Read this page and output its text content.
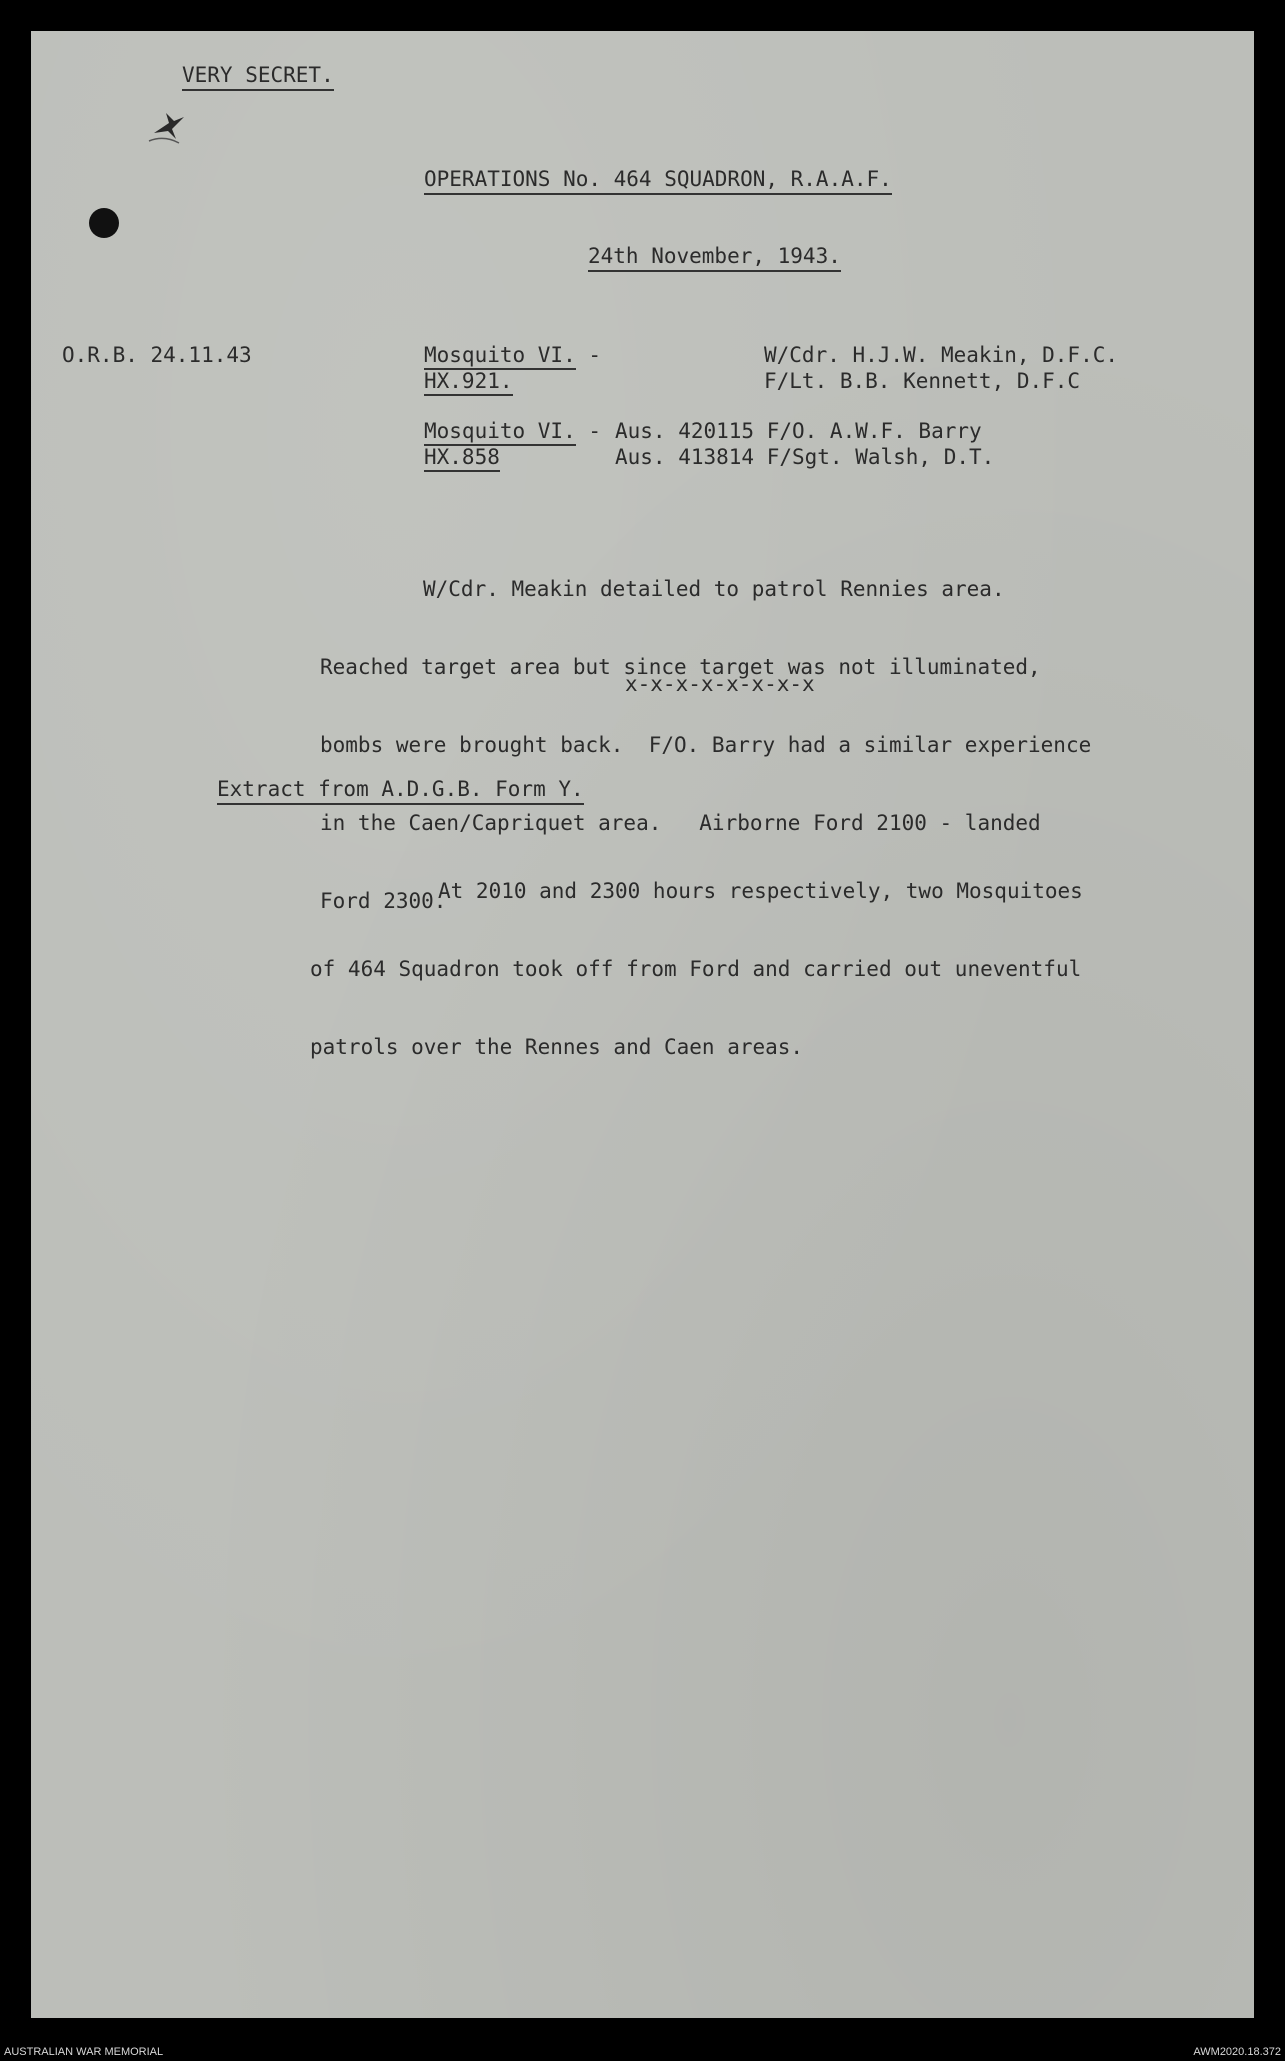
VERY SECRET.

OPERATIONS No. 464 SQUADRON, R.A.A.F.

24th November, 1943.

O.R.B. 24.11.43	Mosquito VI. -

HX.921.

W/Cdr. H.J.W. Meakin, D.F.C.

F/Lt. B.B. Kennett, D.F.C

Mosquito VI. -

HX.858

Aus. 420115 F/O. A.W.F. Barry

Aus. 413814 F/Sgt. Walsh, D.T.

W/Cdr. Meakin detailed to patrol Rennies area.

Reached target area but since target was not illuminated,

bombs were brought back.  F/O. Barry had a similar experience

in the Caen/Capriquet area.   Airborne Ford 2100 - landed

Ford 2300.

x-x-x-x-x-x-x-x

Extract from A.D.G.B. Form Y.

At 2010 and 2300 hours respectively, two Mosquitoes

of 464 Squadron took off from Ford and carried out uneventful

patrols over the Rennes and Caen areas.

AUSTRALIAN WAR MEMORIAL	AWM2020.18.372
